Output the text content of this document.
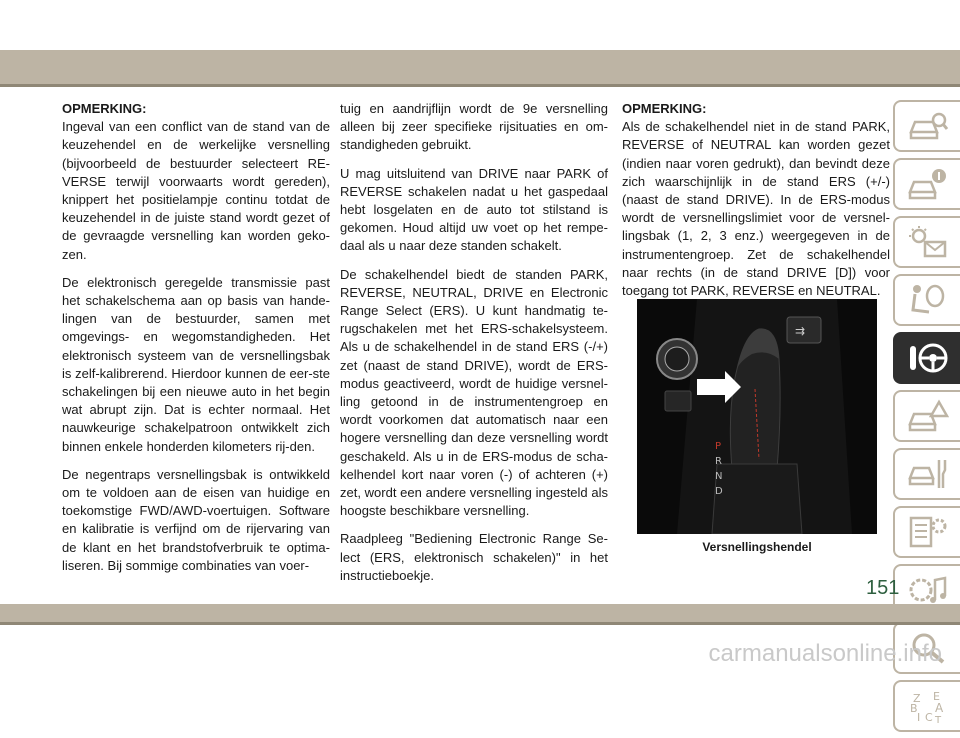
OPMERKING:

Ingeval van een conflict van de stand van de keuzehendel en de werkelijke versnelling (bijvoorbeeld de bestuurder selecteert RE-VERSE terwijl voorwaarts wordt gereden), knippert het positielampje continu totdat de keuzehendel in de juiste stand wordt gezet of de gevraagde versnelling kan worden geko-zen.

De elektronisch geregelde transmissie past het schakelschema aan op basis van hande-lingen van de bestuurder, samen met omgevings- en wegomstandigheden. Het elektronisch systeem van de versnellingsbak is zelf-kalibrerend. Hierdoor kunnen de eer-ste schakelingen bij een nieuwe auto in het begin wat abrupt zijn. Dat is echter normaal. Het nauwkeurige schakelpatroon ontwikkelt zich binnen enkele honderden kilometers rij-den.

De negentraps versnellingsbak is ontwikkeld om te voldoen aan de eisen van huidige en toekomstige FWD/AWD-voertuigen. Software en kalibratie is verfijnd om de rijervaring van de klant en het brandstofverbruik te optima-liseren. Bij sommige combinaties van voer-

tuig en aandrijflijn wordt de 9e versnelling alleen bij zeer specifieke rijsituaties en om-standigheden gebruikt.

U mag uitsluitend van DRIVE naar PARK of REVERSE schakelen nadat u het gaspedaal hebt losgelaten en de auto tot stilstand is gekomen. Houd altijd uw voet op het rempe-daal als u naar deze standen schakelt.

De schakelhendel biedt de standen PARK, REVERSE, NEUTRAL, DRIVE en Electronic Range Select (ERS). U kunt handmatig te-rugschakelen met het ERS-schakelsysteem. Als u de schakelhendel in de stand ERS (-/+) zet (naast de stand DRIVE), wordt de ERS-modus geactiveerd, wordt de huidige versnel-ling getoond in de instrumentengroep en wordt voorkomen dat automatisch naar een hogere versnelling dan deze versnelling wordt geschakeld. Als u in de ERS-modus de scha-kelhendel kort naar voren (-) of achteren (+) zet, wordt een andere versnelling ingesteld als hoogste beschikbare versnelling.

Raadpleeg "Bediening Electronic Range Se-lect (ERS, elektronisch schakelen)" in het instructieboekje.

OPMERKING:

Als de schakelhendel niet in de stand PARK, REVERSE of NEUTRAL kan worden gezet (indien naar voren gedrukt), dan bevindt deze zich waarschijnlijk in de stand ERS (+/-) (naast de stand DRIVE). In de ERS-modus wordt de versnellingslimiet voor de versnel-lingsbak (1, 2, 3 enz.) weergegeven in de instrumentengroep. Zet de schakelhendel naar rechts (in de stand DRIVE [D]) voor toegang tot PARK, REVERSE en NEUTRAL.

⇉
P
R
N
D
Versnellingshendel
Z E
B A
I C T
151
carmanualsonline.info
